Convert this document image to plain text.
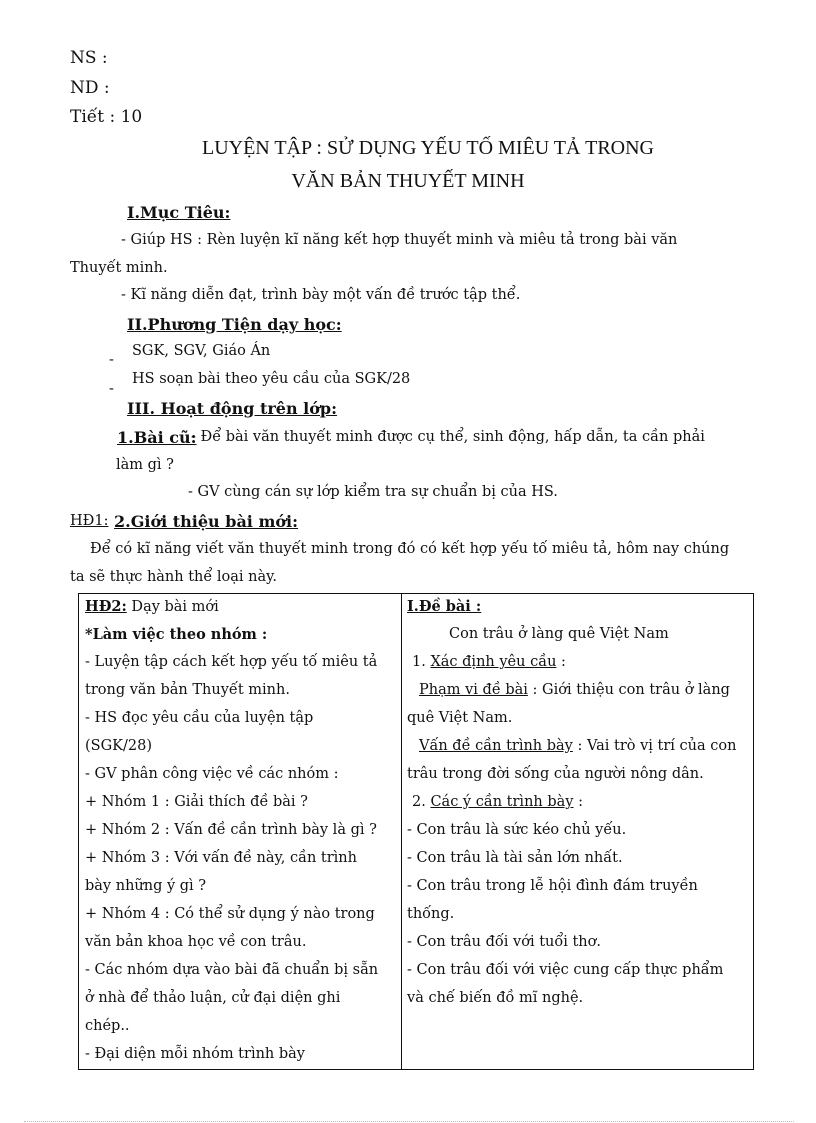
NS :
ND :
Tiết : 10
LUYỆN TẬP : SỬ DỤNG YẾU TỐ MIÊU TẢ TRONG
VĂN BẢN THUYẾT MINH
I.Mục Tiêu:
- Giúp HS : Rèn luyện kĩ năng kết hợp thuyết minh và miêu tả trong bài văn
Thuyết minh.
- Kĩ năng diễn đạt, trình bày một vấn đề trước tập thể.
II.Phương Tiện dạy học:
-
SGK, SGV, Giáo Án
-
HS soạn bài theo yêu cầu của SGK/28
III. Hoạt động trên lớp:
1.Bài cũ:
- Để bài văn thuyết minh được cụ thể, sinh động, hấp dẫn, ta cần phải
làm gì ?
- GV cùng cán sự lớp kiểm tra sự chuẩn bị của HS.
HĐ1: 2.Giới thiệu bài mới:
Để có kĩ năng viết văn thuyết minh trong đó có kết hợp yếu tố miêu tả, hôm nay chúng
ta sẽ thực hành thể loại này.
HĐ2: Dạy bài mới
*Làm việc theo nhóm :
- Luyện tập cách kết hợp yếu tố miêu tả
trong văn bản Thuyết minh.
- HS đọc yêu cầu của luyện tập
(SGK/28)
- GV phân công việc về các nhóm :
+ Nhóm 1 : Giải thích đề bài ?
+ Nhóm 2 : Vấn đề cần trình bày là gì ?
+ Nhóm 3 : Với vấn đề này, cần trình
bày những ý gì ?
+ Nhóm 4 : Có thể sử dụng ý nào trong
văn bản khoa học về con trâu.
- Các nhóm dựa vào bài đã chuẩn bị sẵn
ở nhà để thảo luận, cử đại diện ghi
chép..
- Đại diện mỗi nhóm trình bày
I.Đề bài :
Con trâu ở làng quê Việt Nam
1. Xác định yêu cầu :
Phạm vi đề bài : Giới thiệu con trâu ở làng
quê Việt Nam.
Vấn đề cần trình bày : Vai trò vị trí của con
trâu trong đời sống của người nông dân.
2. Các ý cần trình bày :
- Con trâu là sức kéo chủ yếu.
- Con trâu là tài sản lớn nhất.
- Con trâu trong lễ hội đình đám truyền
thống.
- Con trâu đối với tuổi thơ.
- Con trâu đối với việc cung cấp thực phẩm
và chế biến đồ mĩ nghệ.
